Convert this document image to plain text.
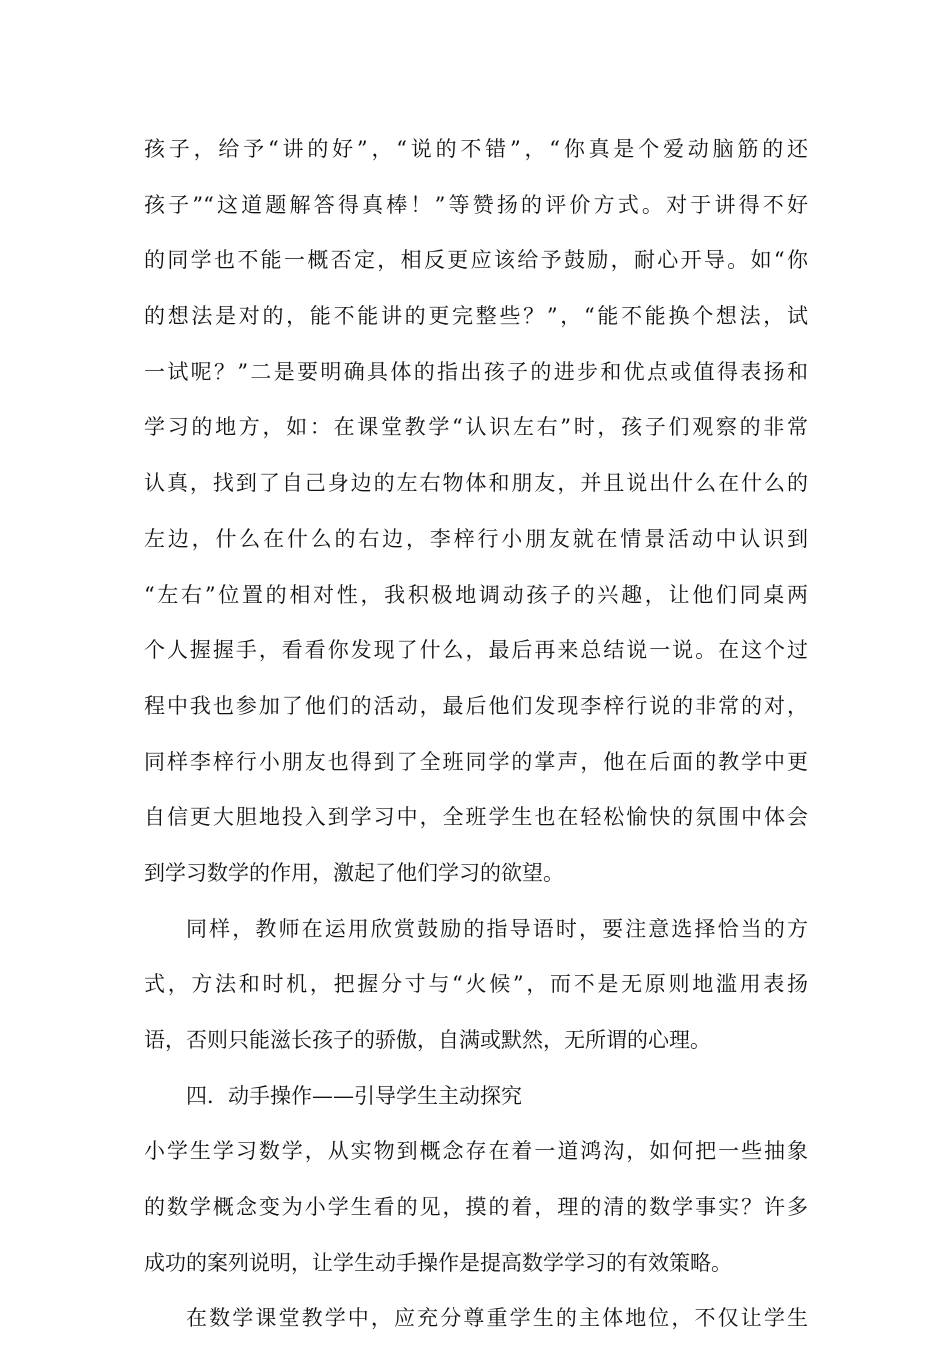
孩子，给予“讲的好”，“说的不错”，“你真是个爱动脑筋的还
孩子”“这道题解答得真棒！”等赞扬的评价方式。对于讲得不好
的同学也不能一概否定，相反更应该给予鼓励，耐心开导。如“你
的想法是对的，能不能讲的更完整些？”，“能不能换个想法，试
一试呢？”二是要明确具体的指出孩子的进步和优点或值得表扬和
学习的地方，如：在课堂教学“认识左右”时，孩子们观察的非常
认真，找到了自己身边的左右物体和朋友，并且说出什么在什么的
左边，什么在什么的右边，李梓行小朋友就在情景活动中认识到
“左右”位置的相对性，我积极地调动孩子的兴趣，让他们同桌两
个人握握手，看看你发现了什么，最后再来总结说一说。在这个过
程中我也参加了他们的活动，最后他们发现李梓行说的非常的对，
同样李梓行小朋友也得到了全班同学的掌声，他在后面的教学中更
自信更大胆地投入到学习中，全班学生也在轻松愉快的氛围中体会
到学习数学的作用，激起了他们学习的欲望。
同样，教师在运用欣赏鼓励的指导语时，要注意选择恰当的方
式，方法和时机，把握分寸与“火候”，而不是无原则地滥用表扬
语，否则只能滋长孩子的骄傲，自满或默然，无所谓的心理。
四．动手操作——引导学生主动探究
小学生学习数学，从实物到概念存在着一道鸿沟，如何把一些抽象
的数学概念变为小学生看的见，摸的着，理的清的数学事实？许多
成功的案列说明，让学生动手操作是提高数学学习的有效策略。
在数学课堂教学中，应充分尊重学生的主体地位，不仅让学生
